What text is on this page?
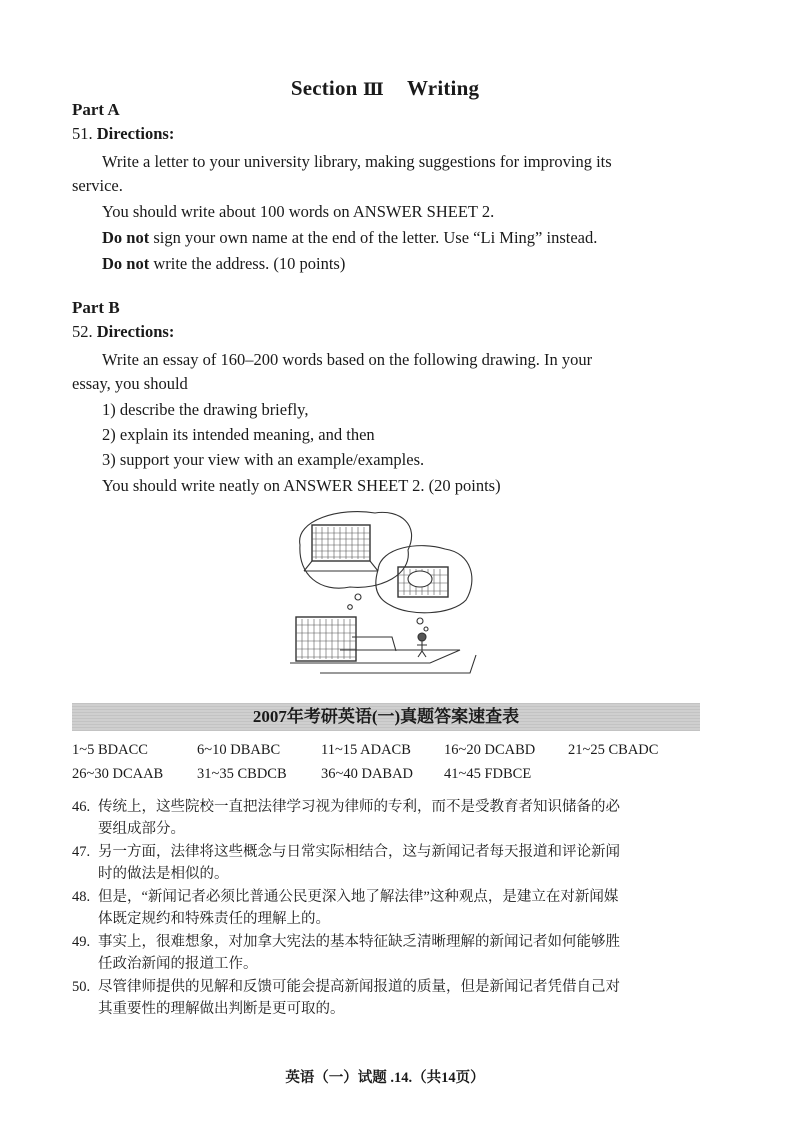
Section Ⅲ Writing
Part A
51. Directions:
Write a letter to your university library, making suggestions for improving its
service.
You should write about 100 words on ANSWER SHEET 2.
Do not sign your own name at the end of the letter. Use “Li Ming” instead.
Do not write the address. (10 points)
Part B
52. Directions:
Write an essay of 160–200 words based on the following drawing. In your
essay, you should
1) describe the drawing briefly,
2) explain its intended meaning, and then
3) support your view with an example/examples.
You should write neatly on ANSWER SHEET 2. (20 points)
2007年考研英语(一)真题答案速查表
1~5 BDACC	6~10 DBABC	11~15 ADACB 16~20 DCABD 21~25 CBADC
26~30 DCAAB 31~35 CBDCB 36~40 DABAD 41~45 FDBCE
46. 传统上，这些院校一直把法律学习视为律师的专利，而不是受教育者知识储备的必
要组成部分。
47. 另一方面，法律将这些概念与日常实际相结合，这与新闻记者每天报道和评论新闻
时的做法是相似的。
48. 但是，“新闻记者必须比普通公民更深入地了解法律”这种观点，是建立在对新闻媒
体既定规约和特殊责任的理解上的。
49. 事实上，很难想象，对加拿大宪法的基本特征缺乏清晰理解的新闻记者如何能够胜
任政治新闻的报道工作。
50. 尽管律师提供的见解和反馈可能会提高新闻报道的质量，但是新闻记者凭借自己对
其重要性的理解做出判断是更可取的。
英语（一）试题 .14.（共14页）
